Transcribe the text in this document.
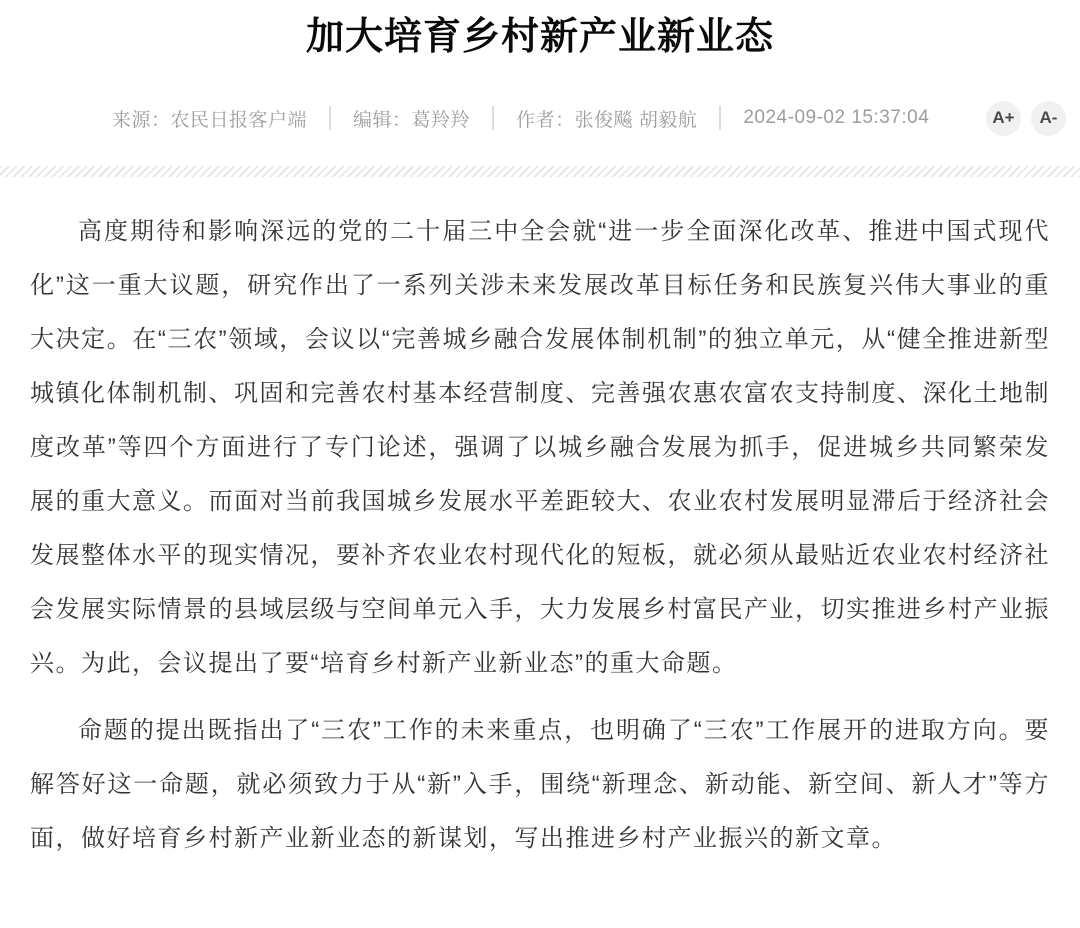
加大培育乡村新产业新业态
来源：农民日报客户端 编辑：葛羚羚 作者：张俊飚 胡毅航 2024-09-02 15:37:04	A+	A-

高度期待和影响深远的党的二十届三中全会就“进一步全面深化改革、推进中国式现代化”这一重大议题，研究作出了一系列关涉未来发展改革目标任务和民族复兴伟大事业的重大决定。在“三农”领域，会议以“完善城乡融合发展体制机制”的独立单元，从“健全推进新型城镇化体制机制、巩固和完善农村基本经营制度、完善强农惠农富农支持制度、深化土地制度改革”等四个方面进行了专门论述，强调了以城乡融合发展为抓手，促进城乡共同繁荣发展的重大意义。而面对当前我国城乡发展水平差距较大、农业农村发展明显滞后于经济社会发展整体水平的现实情况，要补齐农业农村现代化的短板，就必须从最贴近农业农村经济社会发展实际情景的县域层级与空间单元入手，大力发展乡村富民产业，切实推进乡村产业振兴。为此，会议提出了要“培育乡村新产业新业态”的重大命题。

命题的提出既指出了“三农”工作的未来重点，也明确了“三农”工作展开的进取方向。要解答好这一命题，就必须致力于从“新”入手，围绕“新理念、新动能、新空间、新人才”等方面，做好培育乡村新产业新业态的新谋划，写出推进乡村产业振兴的新文章。
